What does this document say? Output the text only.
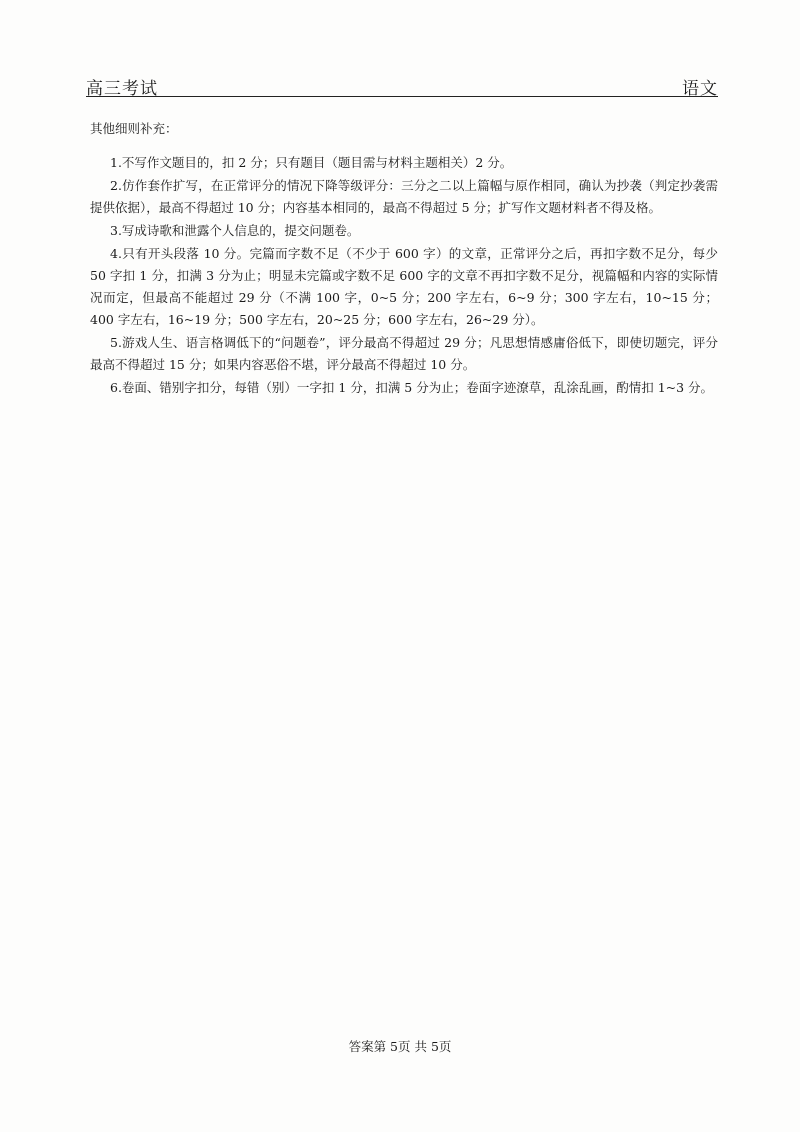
高三考试	语文

其他细则补充：

1.不写作文题目的，扣 2 分；只有题目（题目需与材料主题相关）2 分。

2.仿作套作扩写，在正常评分的情况下降等级评分：三分之二以上篇幅与原作相同，确认为抄袭（判定抄袭需提供依据），最高不得超过 10 分；内容基本相同的，最高不得超过 5 分；扩写作文题材料者不得及格。

3.写成诗歌和泄露个人信息的，提交问题卷。

4.只有开头段落 10 分。完篇而字数不足（不少于 600 字）的文章，正常评分之后，再扣字数不足分，每少 50 字扣 1 分，扣满 3 分为止；明显未完篇或字数不足 600 字的文章不再扣字数不足分，视篇幅和内容的实际情况而定，但最高不能超过 29 分（不满 100 字，0~5 分；200 字左右，6~9 分；300 字左右，10~15 分；400 字左右，16~19 分；500 字左右，20~25 分；600 字左右，26~29 分）。

5.游戏人生、语言格调低下的“问题卷”，评分最高不得超过 29 分；凡思想情感庸俗低下，即使切题完，评分最高不得超过 15 分；如果内容恶俗不堪，评分最高不得超过 10 分。

6.卷面、错别字扣分，每错（别）一字扣 1 分，扣满 5 分为止；卷面字迹潦草，乱涂乱画，酌情扣 1~3 分。

答案第 5页 共 5页
